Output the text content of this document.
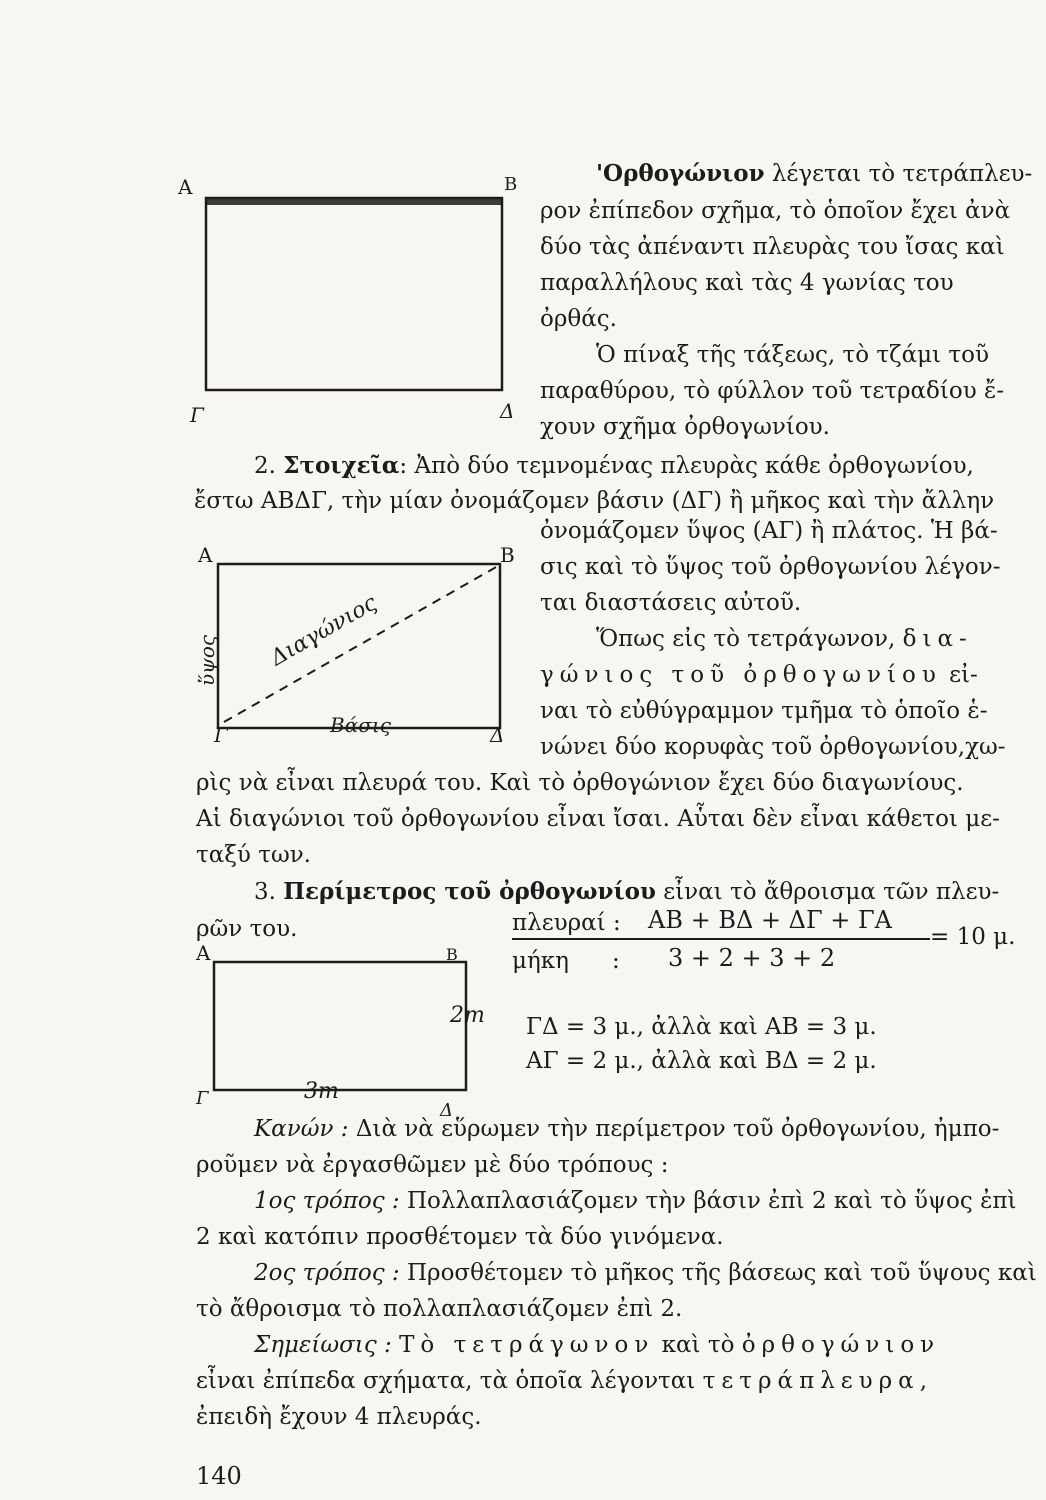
Α	Β
Γ	Δ
'Ορθογώνιον λέγεται τὸ τετράπλευ-
ρον ἐπίπεδον σχῆμα, τὸ ὁποῖον ἔχει ἀνὰ
δύο τὰς ἀπέναντι πλευρὰς του ἴσας καὶ
παραλλήλους καὶ τὰς 4 γωνίας του
ὀρθάς.
Ὁ πίναξ τῆς τάξεως, τὸ τζάμι τοῦ
παραθύρου, τὸ φύλλον τοῦ τετραδίου ἔ-
χουν σχῆμα ὀρθογωνίου.
2. Στοιχεῖα: Ἀπὸ δύο τεμνομένας πλευρὰς κάθε ὀρθογωνίου,
ἔστω ΑΒΔΓ, τὴν μίαν ὀνομάζομεν βάσιν (ΔΓ) ἢ μῆκος καὶ τὴν ἄλλην
Α	Β
Γ	Δ
Διαγώνιος
ὕψος
Βάσις
ὀνομάζομεν ὕψος (ΑΓ) ἢ πλάτος. Ἡ βά-
σις καὶ τὸ ὕψος τοῦ ὀρθογωνίου λέγον-
ται διαστάσεις αὐτοῦ.
Ὅπως εἰς τὸ τετράγωνον, δια-
γώνιος τοῦ ὀρθογωνίου εἰ-
ναι τὸ εὐθύγραμμον τμῆμα τὸ ὁποῖο ἑ-
νώνει δύο κορυφὰς τοῦ ὀρθογωνίου,χω-
ρὶς νὰ εἶναι πλευρά του. Καὶ τὸ ὀρθογώνιον ἔχει δύο διαγωνίους.
Αἱ διαγώνιοι τοῦ ὀρθογωνίου εἶναι ἴσαι. Αὗται δὲν εἶναι κάθετοι με-
ταξύ των.
3. Περίμετρος τοῦ ὀρθογωνίου εἶναι τὸ ἄθροισμα τῶν πλευ-
ρῶν του.	πλευραί : ΑΒ + ΒΔ + ΔΓ + ΓΑ
μήκη : 3 + 2 + 3 + 2
= 10 μ.
Α	Β
Γ
Δ
2m
3m
ΓΔ = 3 μ., ἀλλὰ καὶ ΑΒ = 3 μ.
ΑΓ = 2 μ., ἀλλὰ καὶ ΒΔ = 2 μ.
Κανών : Διὰ νὰ εὕρωμεν τὴν περίμετρον τοῦ ὀρθογωνίου, ἠμπο-
ροῦμεν νὰ ἐργασθῶμεν μὲ δύο τρόπους :
1ος τρόπος : Πολλαπλασιάζομεν τὴν βάσιν ἐπὶ 2 καὶ τὸ ὕψος ἐπὶ
2 καὶ κατόπιν προσθέτομεν τὰ δύο γινόμενα.
2ος τρόπος : Προσθέτομεν τὸ μῆκος τῆς βάσεως καὶ τοῦ ὕψους καὶ
τὸ ἄθροισμα τὸ πολλαπλασιάζομεν ἐπὶ 2.
Σημείωσις : Τὸ τετράγωνον καὶ τὸ ὀρθογώνιον
εἶναι ἐπίπεδα σχήματα, τὰ ὁποῖα λέγονται τετράπλευρα,
ἐπειδὴ ἔχουν 4 πλευράς.
140
